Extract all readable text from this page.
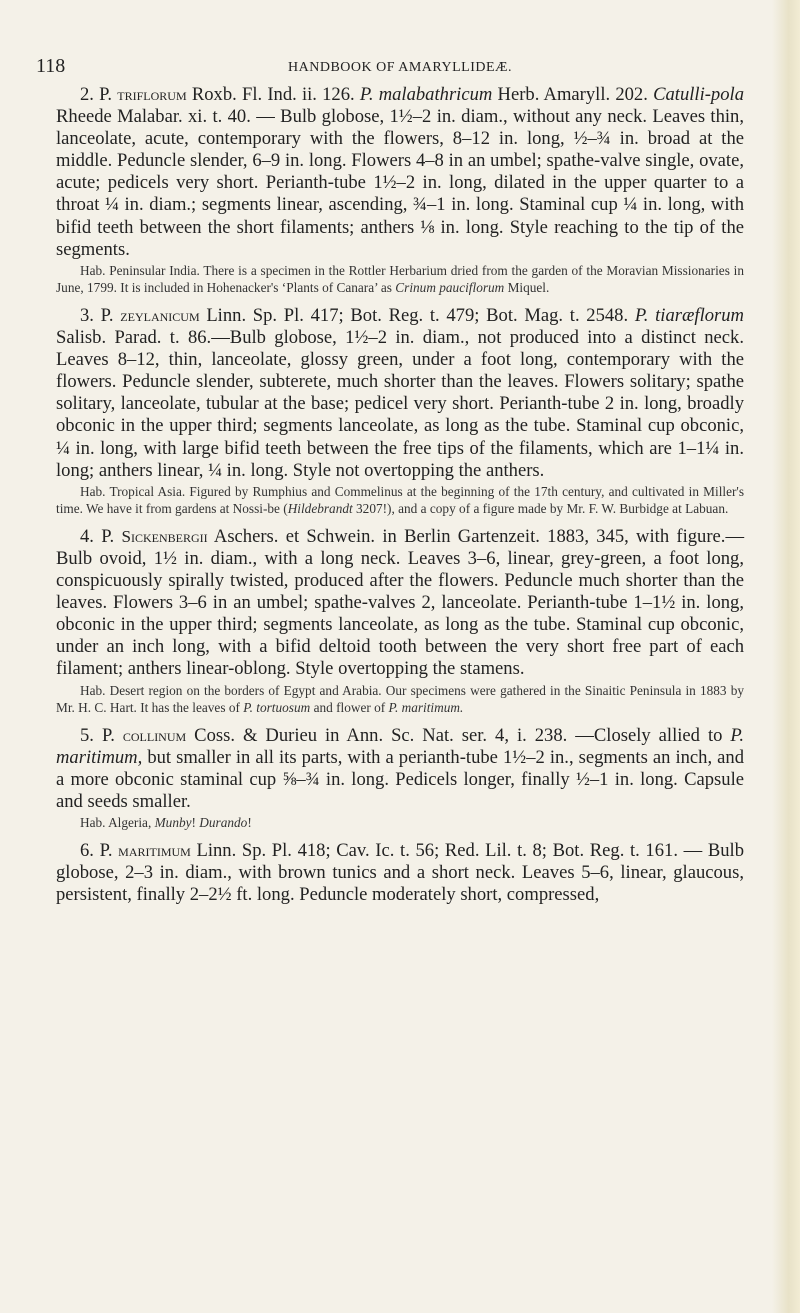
118	HANDBOOK OF AMARYLLIDEÆ.

2. P. triflorum Roxb. Fl. Ind. ii. 126. P. malabathricum Herb. Amaryll. 202. Catulli-pola Rheede Malabar. xi. t. 40. — Bulb globose, 1½–2 in. diam., without any neck. Leaves thin, lanceolate, acute, contemporary with the flowers, 8–12 in. long, ½–¾ in. broad at the middle. Peduncle slender, 6–9 in. long. Flowers 4–8 in an umbel; spathe-valve single, ovate, acute; pedicels very short. Perianth-tube 1½–2 in. long, dilated in the upper quarter to a throat ¼ in. diam.; segments linear, ascending, ¾–1 in. long. Staminal cup ¼ in. long, with bifid teeth between the short filaments; anthers ⅛ in. long. Style reaching to the tip of the segments.

Hab. Peninsular India. There is a specimen in the Rottler Herbarium dried from the garden of the Moravian Missionaries in June, 1799. It is included in Hohenacker's ‘Plants of Canara’ as Crinum pauciflorum Miquel.

3. P. zeylanicum Linn. Sp. Pl. 417; Bot. Reg. t. 479; Bot. Mag. t. 2548. P. tiaræflorum Salisb. Parad. t. 86.—Bulb globose, 1½–2 in. diam., not produced into a distinct neck. Leaves 8–12, thin, lanceolate, glossy green, under a foot long, contemporary with the flowers. Peduncle slender, subterete, much shorter than the leaves. Flowers solitary; spathe solitary, lanceolate, tubular at the base; pedicel very short. Perianth-tube 2 in. long, broadly obconic in the upper third; segments lanceolate, as long as the tube. Staminal cup obconic, ¼ in. long, with large bifid teeth between the free tips of the filaments, which are 1–1¼ in. long; anthers linear, ¼ in. long. Style not overtopping the anthers.

Hab. Tropical Asia. Figured by Rumphius and Commelinus at the beginning of the 17th century, and cultivated in Miller's time. We have it from gardens at Nossi-be (Hildebrandt 3207!), and a copy of a figure made by Mr. F. W. Burbidge at Labuan.

4. P. Sickenbergii Aschers. et Schwein. in Berlin Gartenzeit. 1883, 345, with figure.—Bulb ovoid, 1½ in. diam., with a long neck. Leaves 3–6, linear, grey-green, a foot long, conspicuously spirally twisted, produced after the flowers. Peduncle much shorter than the leaves. Flowers 3–6 in an umbel; spathe-valves 2, lanceolate. Perianth-tube 1–1½ in. long, obconic in the upper third; segments lanceolate, as long as the tube. Staminal cup obconic, under an inch long, with a bifid deltoid tooth between the very short free part of each filament; anthers linear-oblong. Style overtopping the stamens.

Hab. Desert region on the borders of Egypt and Arabia. Our specimens were gathered in the Sinaitic Peninsula in 1883 by Mr. H. C. Hart. It has the leaves of P. tortuosum and flower of P. maritimum.

5. P. collinum Coss. & Durieu in Ann. Sc. Nat. ser. 4, i. 238. —Closely allied to P. maritimum, but smaller in all its parts, with a perianth-tube 1½–2 in., segments an inch, and a more obconic staminal cup ⅝–¾ in. long. Pedicels longer, finally ½–1 in. long. Capsule and seeds smaller.

Hab. Algeria, Munby! Durando!

6. P. maritimum Linn. Sp. Pl. 418; Cav. Ic. t. 56; Red. Lil. t. 8; Bot. Reg. t. 161. — Bulb globose, 2–3 in. diam., with brown tunics and a short neck. Leaves 5–6, linear, glaucous, persistent, finally 2–2½ ft. long. Peduncle moderately short, compressed,
